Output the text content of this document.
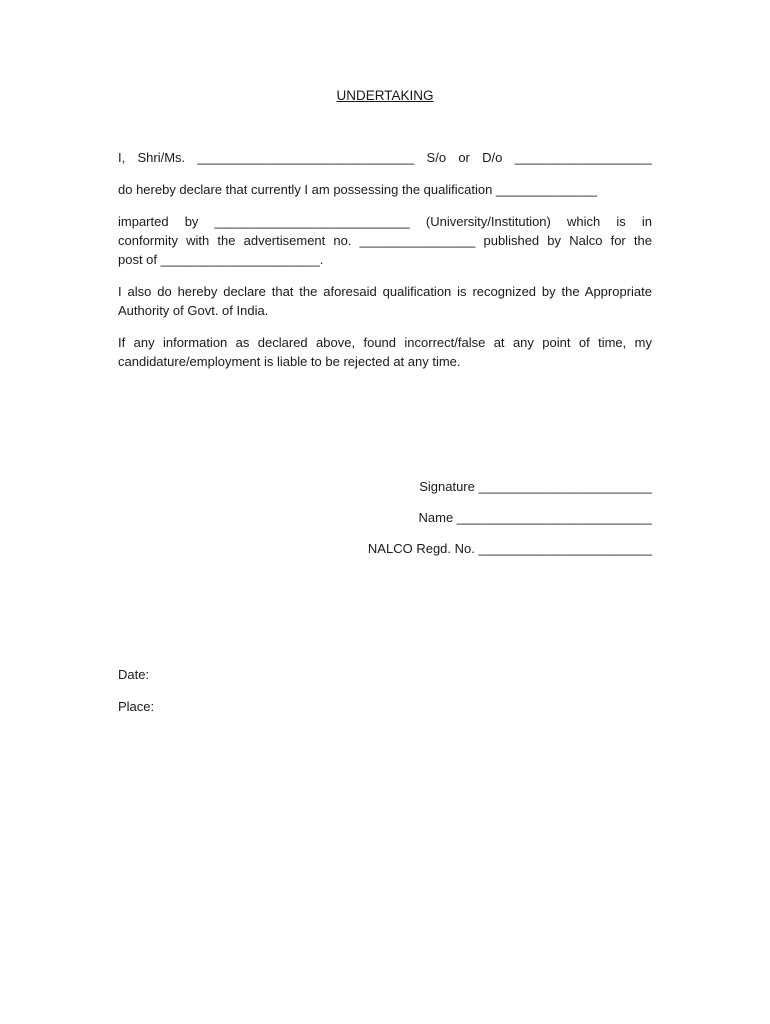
UNDERTAKING
I, Shri/Ms. ______________________________ S/o or D/o ___________________
do hereby declare that currently I am possessing the qualification ______________
imparted by ___________________________ (University/Institution) which is in
conformity with the advertisement no. ________________ published by Nalco for the
post of ______________________.
I also do hereby declare that the aforesaid qualification is recognized by the Appropriate Authority of Govt. of India.
If any information as declared above, found incorrect/false at any point of time, my candidature/employment is liable to be rejected at any time.
Signature ________________________
Name ___________________________
NALCO Regd. No. ________________________
Date:
Place:
